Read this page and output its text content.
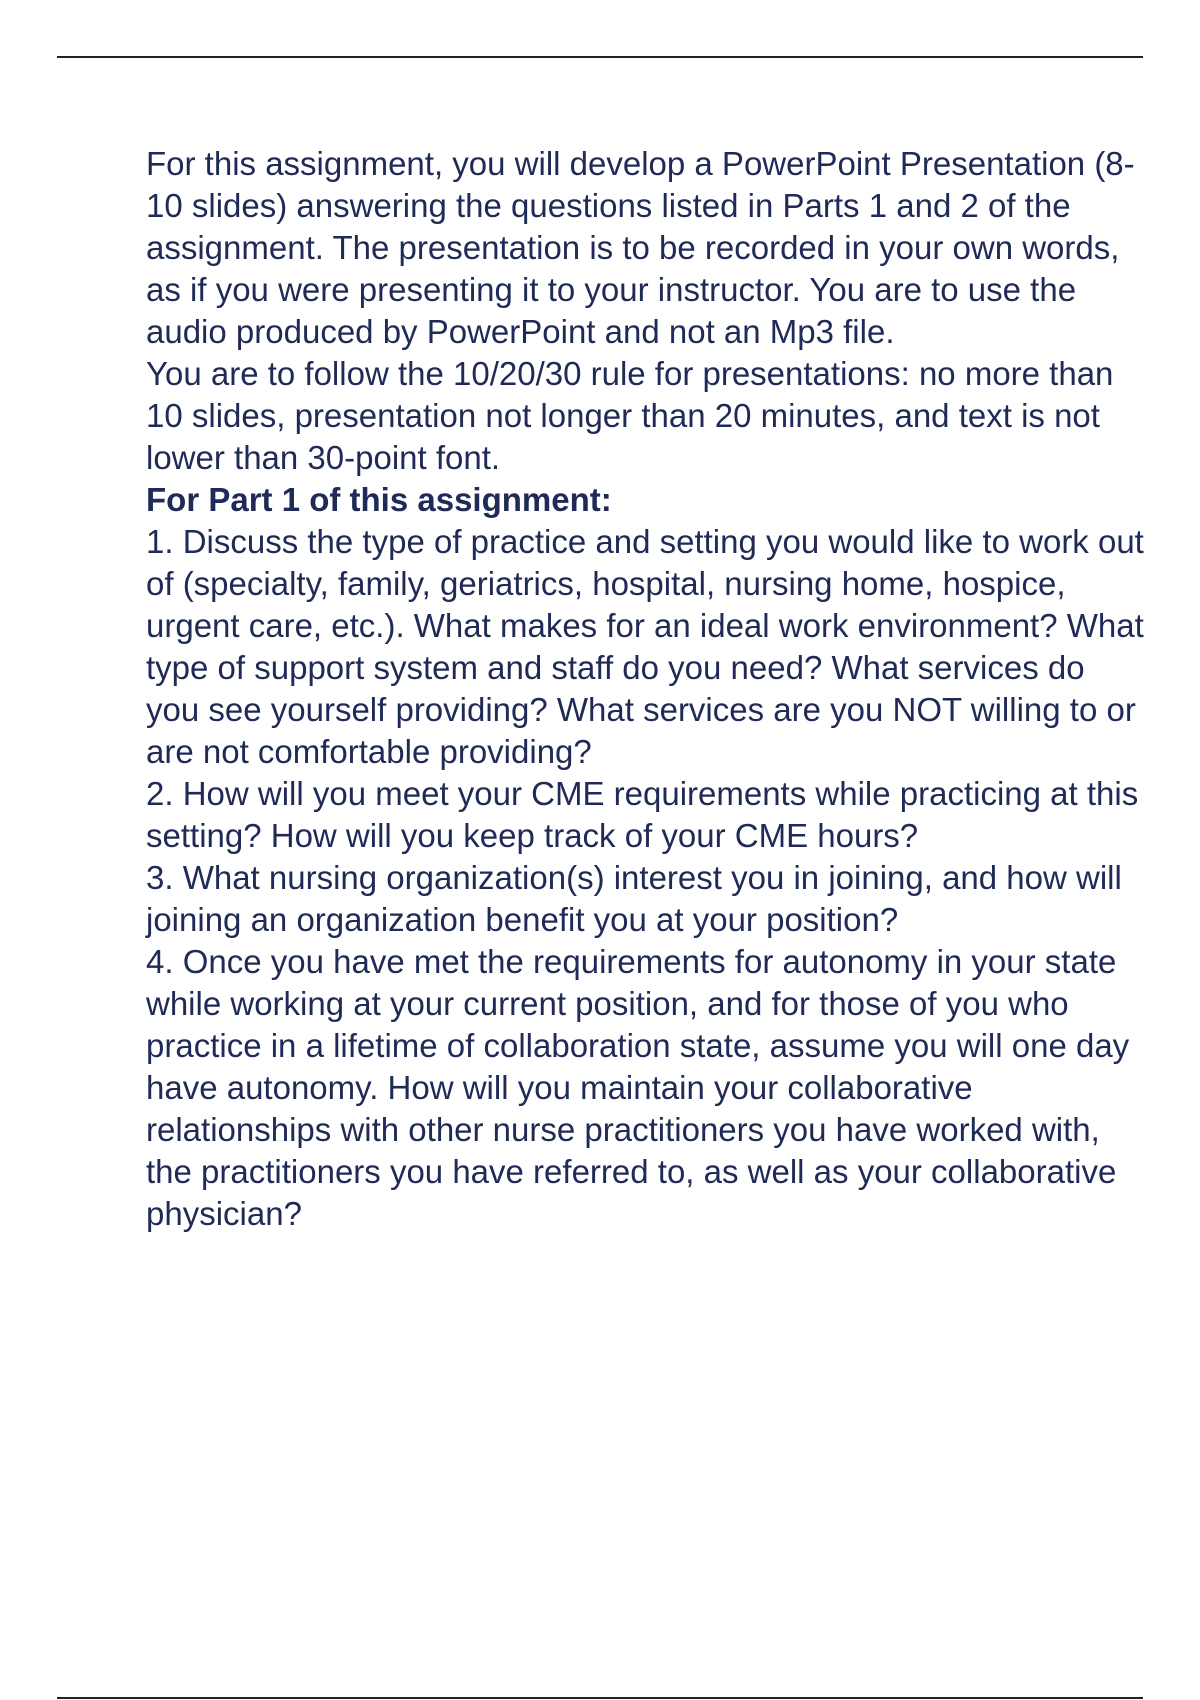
For this assignment, you will develop a PowerPoint Presentation (8-10 slides) answering the questions listed in Parts 1 and 2 of the assignment. The presentation is to be recorded in your own words, as if you were presenting it to your instructor. You are to use the audio produced by PowerPoint and not an Mp3 file.

You are to follow the 10/20/30 rule for presentations: no more than 10 slides, presentation not longer than 20 minutes, and text is not lower than 30-point font.

For Part 1 of this assignment:

1. Discuss the type of practice and setting you would like to work out of (specialty, family, geriatrics, hospital, nursing home, hospice, urgent care, etc.). What makes for an ideal work environment? What type of support system and staff do you need? What services do you see yourself providing? What services are you NOT willing to or are not comfortable providing?

2. How will you meet your CME requirements while practicing at this setting? How will you keep track of your CME hours?

3. What nursing organization(s) interest you in joining, and how will joining an organization benefit you at your position?

4. Once you have met the requirements for autonomy in your state while working at your current position, and for those of you who practice in a lifetime of collaboration state, assume you will one day have autonomy. How will you maintain your collaborative relationships with other nurse practitioners you have worked with, the practitioners you have referred to, as well as your collaborative physician?
